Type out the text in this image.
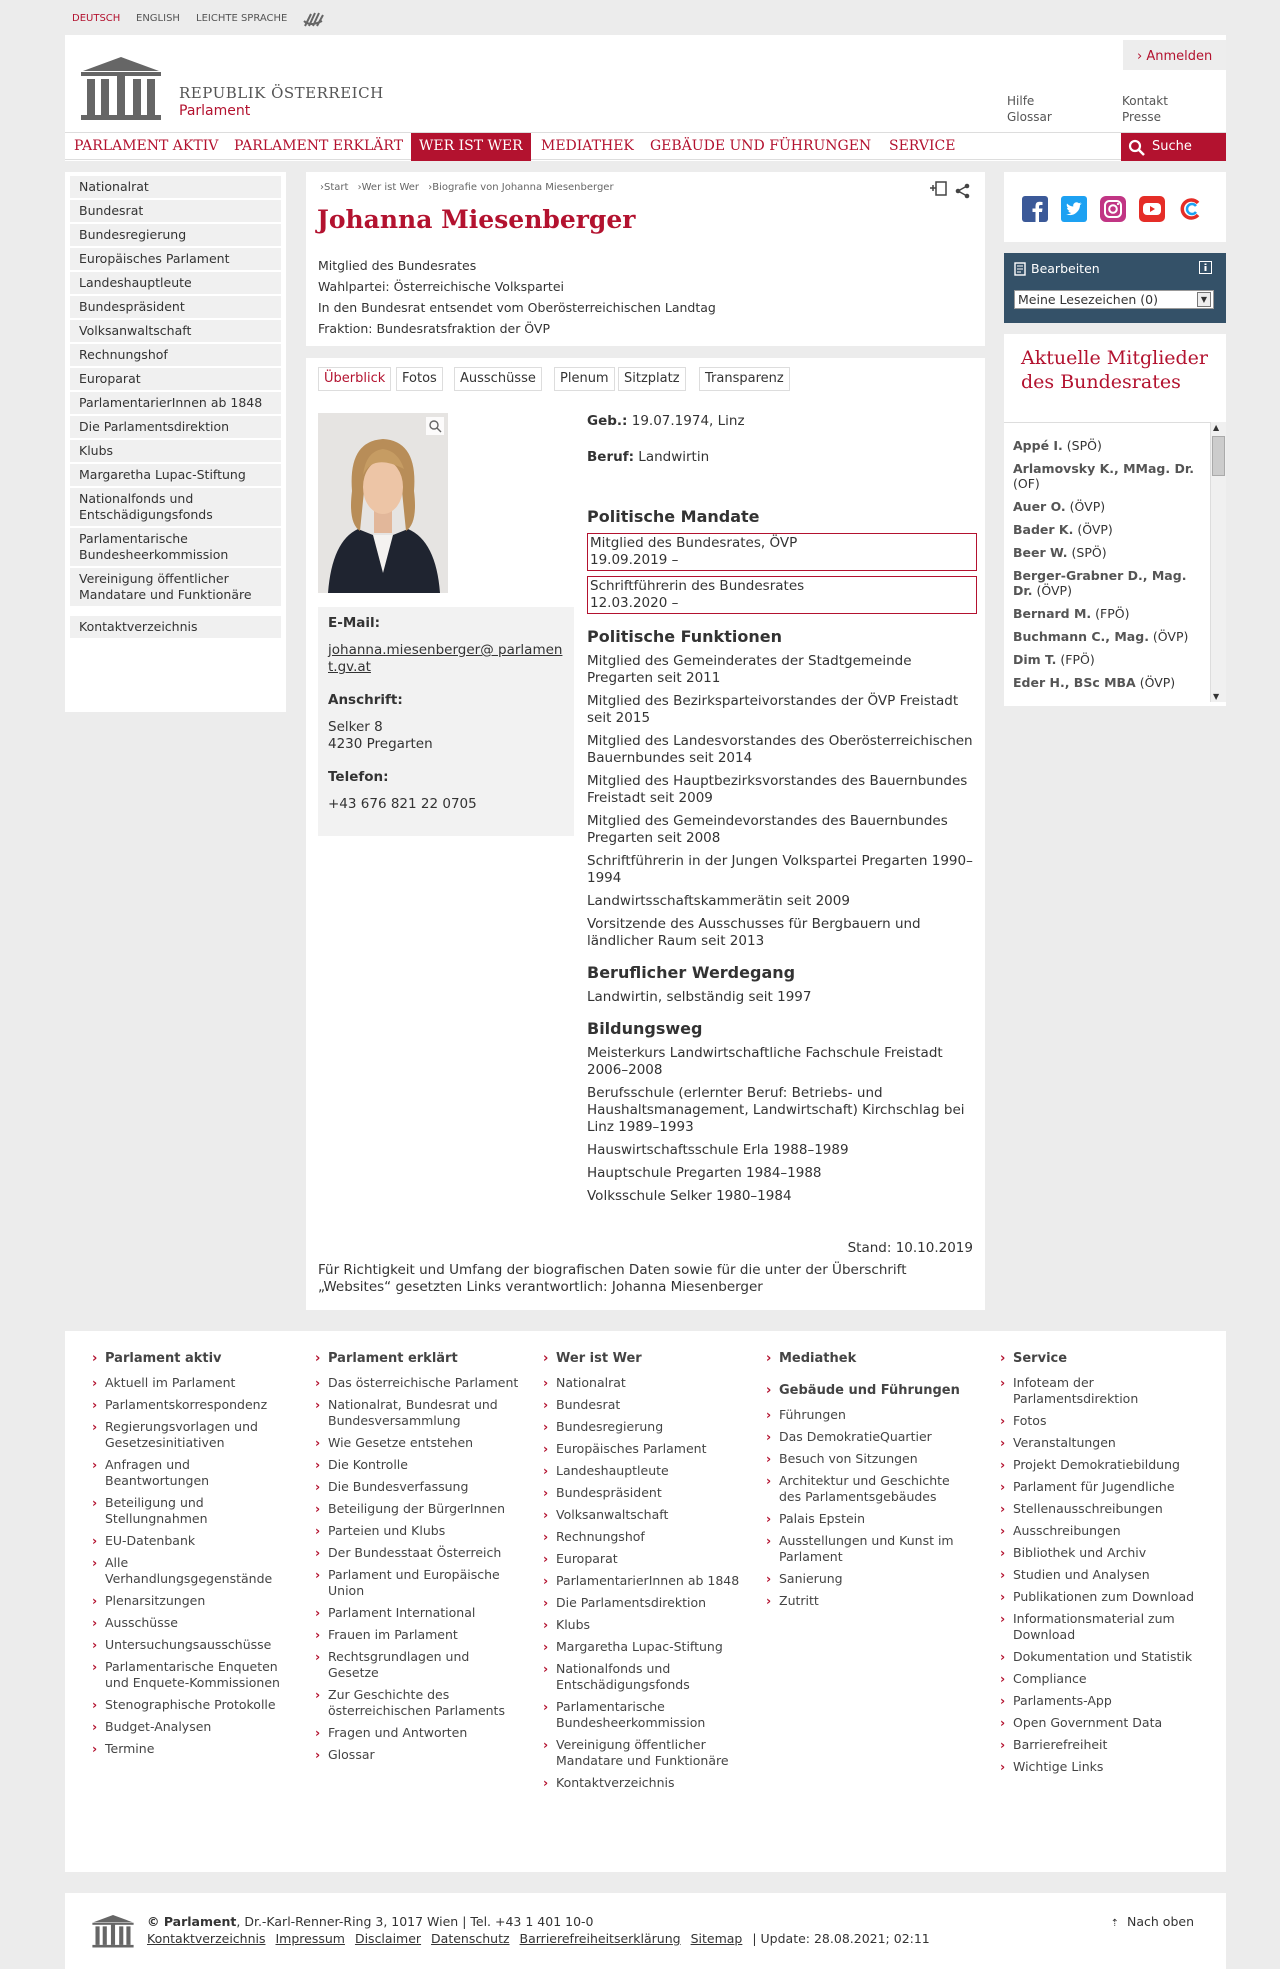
DEUTSCH ENGLISH LEICHTE SPRACHE
REPUBLIK ÖSTERREICH
Parlament
› Anmelden
Hilfe
Glossar
Kontakt
Presse
PARLAMENT AKTIV	PARLAMENT ERKLÄRT	WER IST WER	MEDIATHEK	GEBÄUDE UND FÜHRUNGEN	SERVICE	Suche
Nationalrat
Bundesrat
Bundesregierung
Europäisches Parlament
Landeshauptleute
Bundespräsident
Volksanwaltschaft
Rechnungshof
Europarat
ParlamentarierInnen ab 1848
Die Parlamentsdirektion
Klubs
Margaretha Lupac-Stiftung
Nationalfonds und Entschädigungsfonds
Parlamentarische Bundesheerkommission
Vereinigung öffentlicher Mandatare und Funktionäre
Kontaktverzeichnis
›Start ›Wer ist Wer ›Biografie von Johanna Miesenberger
Johanna Miesenberger
Mitglied des Bundesrates
Wahlpartei: Österreichische Volkspartei
In den Bundesrat entsendet vom Oberösterreichischen Landtag
Fraktion: Bundesratsfraktion der ÖVP
Überblick	Fotos	Ausschüsse	Plenum	Sitzplatz	Transparenz
E-Mail:
johanna.miesenberger@ parlament.gv.at
Anschrift:
Selker 8
4230 Pregarten
Telefon:
+43 676 821 22 0705

Geb.: 19.07.1974, Linz

Beruf: Landwirtin

Politische Mandate
Mitglied des Bundesrates, ÖVP
19.09.2019 –
Schriftführerin des Bundesrates
12.03.2020 –
Politische Funktionen

Mitglied des Gemeinderates der Stadtgemeinde Pregarten seit 2011

Mitglied des Bezirksparteivorstandes der ÖVP Freistadt seit 2015

Mitglied des Landesvorstandes des Oberösterreichischen Bauernbundes seit 2014

Mitglied des Hauptbezirksvorstandes des Bauernbundes Freistadt seit 2009

Mitglied des Gemeindevorstandes des Bauernbundes Pregarten seit 2008

Schriftführerin in der Jungen Volkspartei Pregarten 1990–1994

Landwirtsschaftskammerätin seit 2009

Vorsitzende des Ausschusses für Bergbauern und ländlicher Raum seit 2013

Beruflicher Werdegang

Landwirtin, selbständig seit 1997

Bildungsweg

Meisterkurs Landwirtschaftliche Fachschule Freistadt 2006–2008

Berufsschule (erlernter Beruf: Betriebs- und Haushaltsmanagement, Landwirtschaft) Kirchschlag bei Linz 1989–1993

Hauswirtschaftsschule Erla 1988–1989

Hauptschule Pregarten 1984–1988

Volksschule Selker 1980–1984

Stand: 10.10.2019
Für Richtigkeit und Umfang der biografischen Daten sowie für die unter der Überschrift „Websites“ gesetzten Links verantwortlich: Johanna Miesenberger
Bearbeiten
Meine Lesezeichen (0)	▼
Aktuelle Mitglieder des Bundesrates
Appé I. (SPÖ)
Arlamovsky K., MMag. Dr. (OF)
Auer O. (ÖVP)
Bader K. (ÖVP)
Beer W. (SPÖ)
Berger-Grabner D., Mag. Dr. (ÖVP)
Bernard M. (FPÖ)
Buchmann C., Mag. (ÖVP)
Dim T. (FPÖ)
Eder H., BSc MBA (ÖVP)
▲
▼
› Parlament aktiv
› Aktuell im Parlament
› Parlamentskorrespondenz
› Regierungsvorlagen und Gesetzesinitiativen
› Anfragen und Beantwortungen
› Beteiligung und Stellungnahmen
› EU-Datenbank
› Alle Verhandlungsgegenstände
› Plenarsitzungen
› Ausschüsse
› Untersuchungsausschüsse
› Parlamentarische Enqueten und Enquete-Kommissionen
› Stenographische Protokolle
› Budget-Analysen
› Termine
› Parlament erklärt
› Das österreichische Parlament
› Nationalrat, Bundesrat und Bundesversammlung
› Wie Gesetze entstehen
› Die Kontrolle
› Die Bundesverfassung
› Beteiligung der BürgerInnen
› Parteien und Klubs
› Der Bundesstaat Österreich
› Parlament und Europäische Union
› Parlament International
› Frauen im Parlament
› Rechtsgrundlagen und Gesetze
› Zur Geschichte des österreichischen Parlaments
› Fragen und Antworten
› Glossar
› Wer ist Wer
› Nationalrat
› Bundesrat
› Bundesregierung
› Europäisches Parlament
› Landeshauptleute
› Bundespräsident
› Volksanwaltschaft
› Rechnungshof
› Europarat
› ParlamentarierInnen ab 1848
› Die Parlamentsdirektion
› Klubs
› Margaretha Lupac-Stiftung
› Nationalfonds und Entschädigungsfonds
› Parlamentarische Bundesheerkommission
› Vereinigung öffentlicher Mandatare und Funktionäre
› Kontaktverzeichnis
› Mediathek
› Gebäude und Führungen
› Führungen
› Das DemokratieQuartier
› Besuch von Sitzungen
› Architektur und Geschichte des Parlamentsgebäudes
› Palais Epstein
› Ausstellungen und Kunst im Parlament
› Sanierung
› Zutritt
› Service
› Infoteam der Parlamentsdirektion
› Fotos
› Veranstaltungen
› Projekt Demokratiebildung
› Parlament für Jugendliche
› Stellenausschreibungen
› Ausschreibungen
› Bibliothek und Archiv
› Studien und Analysen
› Publikationen zum Download
› Informationsmaterial zum Download
› Dokumentation und Statistik
› Compliance
› Parlaments-App
› Open Government Data
› Barrierefreiheit
› Wichtige Links
© Parlament, Dr.-Karl-Renner-Ring 3, 1017 Wien | Tel. +43 1 401 10-0
Kontaktverzeichnis Impressum Disclaimer Datenschutz Barrierefreiheitserklärung Sitemap | Update: 28.08.2021; 02:11
⇡ Nach oben
